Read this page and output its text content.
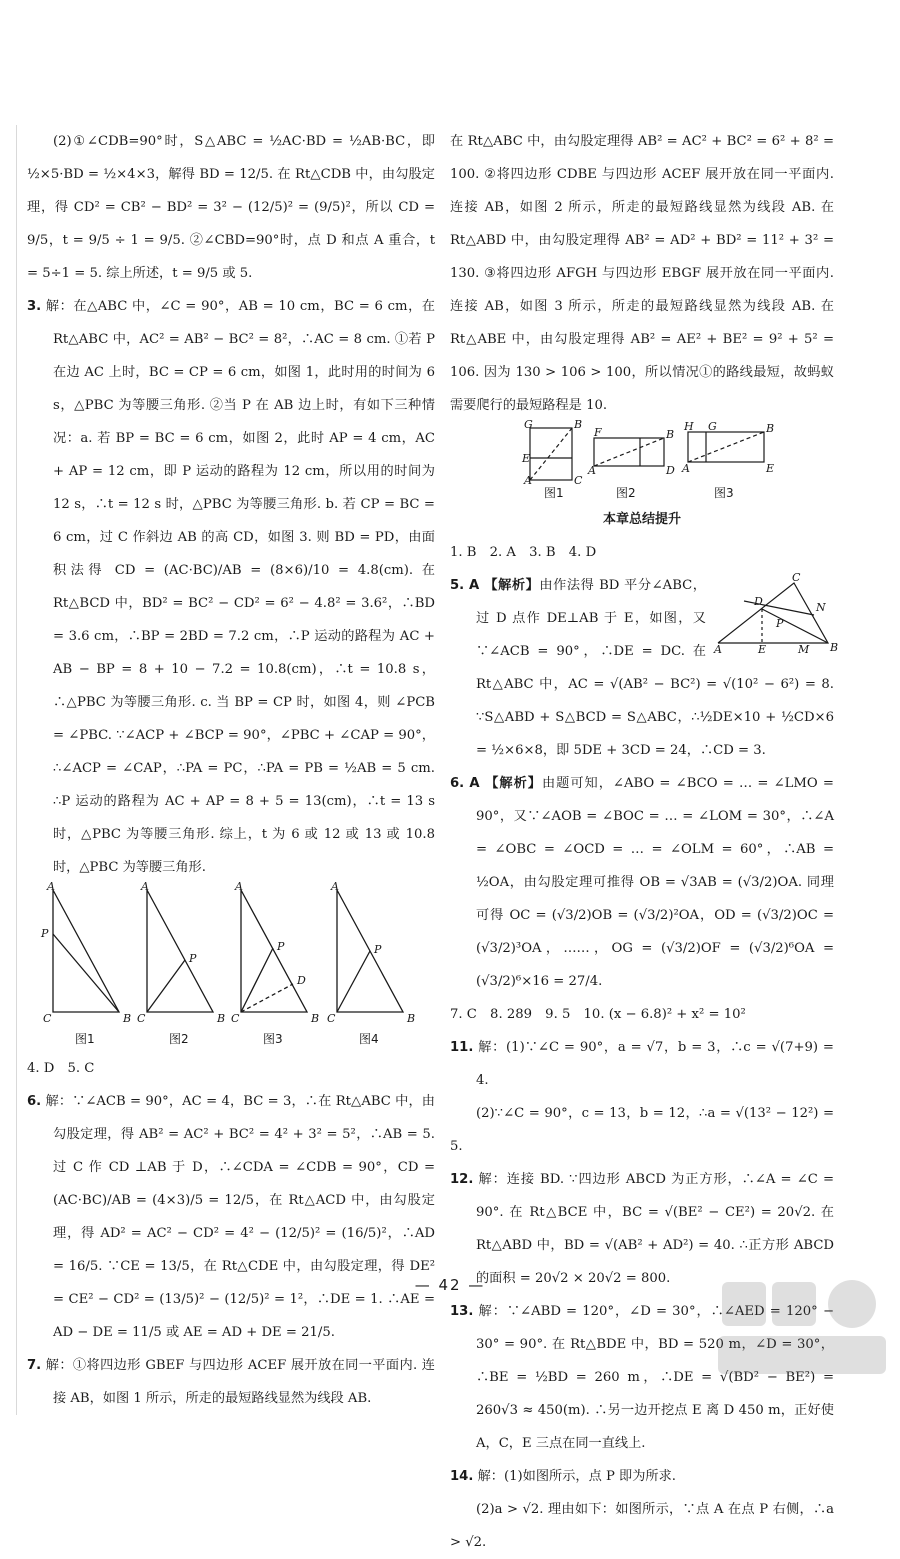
(2)①∠CDB=90°时，S△ABC = ½AC·BD = ½AB·BC，即 ½×5·BD = ½×4×3，解得 BD = 12/5. 在 Rt△CDB 中，由勾股定理，得 CD² = CB² − BD² = 3² − (12/5)² = (9/5)²，所以 CD = 9/5，t = 9/5 ÷ 1 = 9/5. ②∠CBD=90°时，点 D 和点 A 重合，t = 5÷1 = 5. 综上所述，t = 9/5 或 5.

3. 解：在△ABC 中，∠C = 90°，AB = 10 cm，BC = 6 cm，在 Rt△ABC 中，AC² = AB² − BC² = 8²，∴AC = 8 cm. ①若 P 在边 AC 上时，BC = CP = 6 cm，如图 1，此时用的时间为 6 s，△PBC 为等腰三角形. ②当 P 在 AB 边上时，有如下三种情况：a. 若 BP = BC = 6 cm，如图 2，此时 AP = 4 cm，AC + AP = 12 cm，即 P 运动的路程为 12 cm，所以用的时间为 12 s，∴t = 12 s 时，△PBC 为等腰三角形. b. 若 CP = BC = 6 cm，过 C 作斜边 AB 的高 CD，如图 3. 则 BD = PD，由面积法得 CD = (AC·BC)/AB = (8×6)/10 = 4.8(cm). 在 Rt△BCD 中，BD² = BC² − CD² = 6² − 4.8² = 3.6²，∴BD = 3.6 cm，∴BP = 2BD = 7.2 cm，∴P 运动的路程为 AC + AB − BP = 8 + 10 − 7.2 = 10.8(cm)，∴t = 10.8 s，∴△PBC 为等腰三角形. c. 当 BP = CP 时，如图 4，则 ∠PCB = ∠PBC. ∵∠ACP + ∠BCP = 90°，∠PBC + ∠CAP = 90°，∴∠ACP = ∠CAP，∴PA = PC，∴PA = PB = ½AB = 5 cm. ∴P 运动的路程为 AC + AP = 8 + 5 = 13(cm)，∴t = 13 s 时，△PBC 为等腰三角形. 综上，t 为 6 或 12 或 13 或 10.8 时，△PBC 为等腰三角形.

A
P
C	B
A
P
C	B
A
P
D
C	B
A
P
C	B
图1	图2	图3	图4

4. D　5. C

6. 解：∵∠ACB = 90°，AC = 4，BC = 3，∴在 Rt△ABC 中，由勾股定理，得 AB² = AC² + BC² = 4² + 3² = 5²，∴AB = 5. 过 C 作 CD ⊥AB 于 D，∴∠CDA = ∠CDB = 90°，CD = (AC·BC)/AB = (4×3)/5 = 12/5，在 Rt△ACD 中，由勾股定理，得 AD² = AC² − CD² = 4² − (12/5)² = (16/5)²，∴AD = 16/5. ∵CE = 13/5，在 Rt△CDE 中，由勾股定理，得 DE² = CE² − CD² = (13/5)² − (12/5)² = 1²，∴DE = 1. ∴AE = AD − DE = 11/5 或 AE = AD + DE = 21/5.

7. 解：①将四边形 GBEF 与四边形 ACEF 展开放在同一平面内. 连接 AB，如图 1 所示，所走的最短路线显然为线段 AB.

在 Rt△ABC 中，由勾股定理得 AB² = AC² + BC² = 6² + 8² = 100. ②将四边形 CDBE 与四边形 ACEF 展开放在同一平面内. 连接 AB，如图 2 所示，所走的最短路线显然为线段 AB. 在 Rt△ABD 中，由勾股定理得 AB² = AD² + BD² = 11² + 3² = 130. ③将四边形 AFGH 与四边形 EBGF 展开放在同一平面内. 连接 AB，如图 3 所示，所走的最短路线显然为线段 AB. 在 Rt△ABE 中，由勾股定理得 AB² = AE² + BE² = 9² + 5² = 106. 因为 130 > 106 > 100，所以情况①的路线最短，故蚂蚁需要爬行的最短路程是 10.

G
E
A	C
B
F
A	D
B
H G
A	E
B
图1	图2	图3
本章总结提升

1. B　2. A　3. B　4. D

A	B
C
D
E	M
N
P

5. A 【解析】由作法得 BD 平分∠ABC，过 D 点作 DE⊥AB 于 E，如图，又∵∠ACB = 90°，∴DE = DC. 在 Rt△ABC 中，AC = √(AB² − BC²) = √(10² − 6²) = 8. ∵S△ABD + S△BCD = S△ABC，∴½DE×10 + ½CD×6 = ½×6×8，即 5DE + 3CD = 24，∴CD = 3.

6. A 【解析】由题可知，∠ABO = ∠BCO = … = ∠LMO = 90°，又∵∠AOB = ∠BOC = … = ∠LOM = 30°，∴∠A = ∠OBC = ∠OCD = … = ∠OLM = 60°，∴AB = ½OA，由勾股定理可推得 OB = √3AB = (√3/2)OA. 同理可得 OC = (√3/2)OB = (√3/2)²OA，OD = (√3/2)OC = (√3/2)³OA，……，OG = (√3/2)OF = (√3/2)⁶OA = (√3/2)⁶×16 = 27/4.

7. C　8. 289　9. 5　10. (x − 6.8)² + x² = 10²

11. 解：(1)∵∠C = 90°，a = √7，b = 3，∴c = √(7+9) = 4.

(2)∵∠C = 90°，c = 13，b = 12，∴a = √(13² − 12²) = 5.

12. 解：连接 BD. ∵四边形 ABCD 为正方形，∴∠A = ∠C = 90°. 在 Rt△BCE 中，BC = √(BE² − CE²) = 20√2. 在 Rt△ABD 中，BD = √(AB² + AD²) = 40. ∴正方形 ABCD 的面积 = 20√2 × 20√2 = 800.

13. 解：∵∠ABD = 120°，∠D = 30°，∴∠AED = 120° − 30° = 90°. 在 Rt△BDE 中，BD = 520 m，∠D = 30°，∴BE = ½BD = 260 m，∴DE = √(BD² − BE²) = 260√3 ≈ 450(m). ∴另一边开挖点 E 离 D 450 m，正好使 A，C，E 三点在同一直线上.

14. 解：(1)如图所示，点 P 即为所求.

(2)a > √2. 理由如下：如图所示，∵点 A 在点 P 右侧，∴a > √2.

— 42 —
